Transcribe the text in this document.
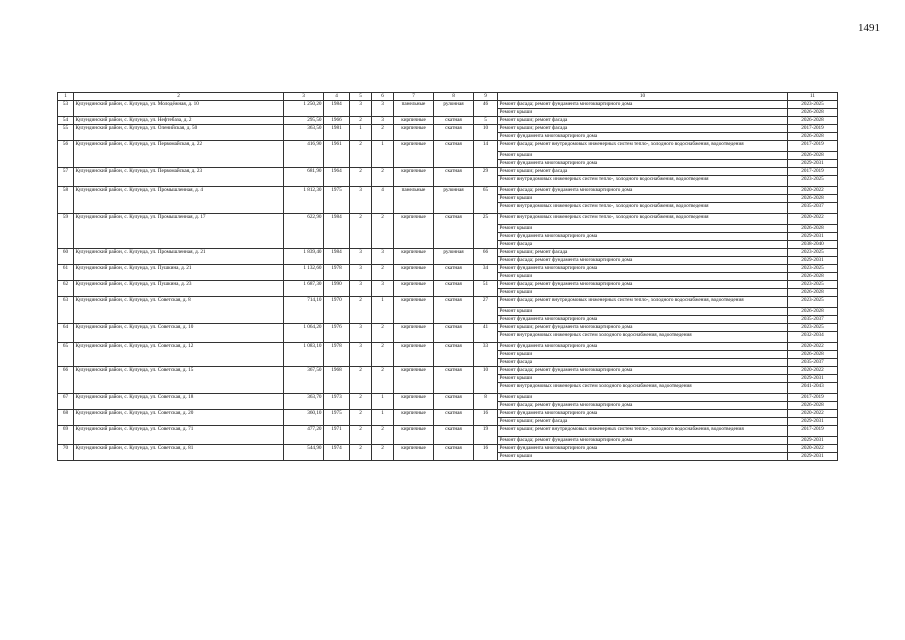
1491
1	2	3	4	5	6	7	8	9	10	11
53	Кулундинский район, с. Кулунда, ул. Молодёжная, д. 10	1 250,20	1984	3	3	панельные	рулонная	46	Ремонт фасада; ремонт фундамента многоквартирного дома	2023-2025
									Ремонт крыши	2026-2028
54	Кулундинский район, с. Кулунда, ул. Нефтебаза, д. 2	295,50	1966	2	3	кирпичные	скатная	5	Ремонт крыши; ремонт фасада	2026-2028
55	Кулундинский район, с. Кулунда, ул. Оленийская, д. 50	363,50	1981	1	2	кирпичные	скатная	10	Ремонт крыши; ремонт фасада	2017-2019
									Ремонт фундамента многоквартирного дома	2026-2028
56	Кулундинский район, с. Кулунда, ул. Первомайская, д. 22	416,90	1961	2	1	кирпичные	скатная	14	Ремонт фасада; ремонт внутридомовых инженерных систем тепло-, холодного водоснабжения, водоотведения	2017-2019
									Ремонт крыши	2026-2028
									Ремонт фундамента многоквартирного дома	2029-2031
57	Кулундинский район, с. Кулунда, ул. Первомайская, д. 23	681,90	1964	2	2	кирпичные	скатная	29	Ремонт крыши; ремонт фасада	2017-2019
									Ремонт внутридомовых инженерных систем тепло-, холодного водоснабжения, водоотведения	2023-2025
58	Кулундинский район, с. Кулунда, ул. Промышленная, д. 4	1 812,30	1975	3	4	панельные	рулонная	65	Ремонт фасада; ремонт фундамента многоквартирного дома	2020-2022
									Ремонт крыши	2026-2028
									Ремонт внутридомовых инженерных систем тепло-, холодного водоснабжения, водоотведения	2035-2037
59	Кулундинский район, с. Кулунда, ул. Промышленная, д. 17	622,90	1984	2	2	кирпичные	скатная	25	Ремонт внутридомовых инженерных систем тепло-, холодного водоснабжения, водоотведения	2020-2022
									Ремонт крыши	2026-2028
									Ремонт фундамента многоквартирного дома	2029-2031
									Ремонт фасада	2038-2040
60	Кулундинский район, с. Кулунда, ул. Промышленная, д. 21	1 839,40	1984	3	3	кирпичные	рулонная	66	Ремонт крыши; ремонт фасада	2023-2025
									Ремонт фасада; ремонт фундамента многоквартирного дома	2029-2031
61	Кулундинский район, с. Кулунда, ул. Пушкина, д. 21	1 132,60	1978	3	2	кирпичные	скатная	34	Ремонт фундамента многоквартирного дома	2023-2025
									Ремонт крыши	2026-2028
62	Кулундинский район, с. Кулунда, ул. Пушкина, д. 23	1 687,30	1990	3	3	кирпичные	скатная	51	Ремонт фасада; ремонт фундамента многоквартирного дома	2023-2025
									Ремонт крыши	2026-2028
63	Кулундинский район, с. Кулунда, ул. Советская, д. 8	714,10	1970	2	1	кирпичные	скатная	27	Ремонт фасада; ремонт внутридомовых инженерных систем тепло-, холодного водоснабжения, водоотведения	2023-2025
									Ремонт крыши	2026-2028
									Ремонт фундамента многоквартирного дома	2035-2037
64	Кулундинский район, с. Кулунда, ул. Советская, д. 10	1 064,20	1976	3	2	кирпичные	скатная	41	Ремонт крыши; ремонт фундамента многоквартирного дома	2023-2025
									Ремонт внутридомовых инженерных систем холодного водоснабжения, водоотведения	2032-2034
65	Кулундинский район, с. Кулунда, ул. Советская, д. 12	1 083,10	1978	3	2	кирпичные	скатная	33	Ремонт фундамента многоквартирного дома	2020-2022
									Ремонт крыши	2026-2028
									Ремонт фасада	2035-2037
66	Кулундинский район, с. Кулунда, ул. Советская, д. 15	367,50	1968	2	2	кирпичные	скатная	10	Ремонт фасада; ремонт фундамента многоквартирного дома	2020-2022
									Ремонт крыши	2029-2031
									Ремонт внутридомовых инженерных систем холодного водоснабжения, водоотведения	2041-2043
67	Кулундинский район, с. Кулунда, ул. Советская, д. 18	363,70	1973	2	1	кирпичные	скатная	8	Ремонт крыши	2017-2019
									Ремонт фасада; ремонт фундамента многоквартирного дома	2026-2028
68	Кулундинский район, с. Кулунда, ул. Советская, д. 20	360,10	1975	2	1	кирпичные	скатная	16	Ремонт фундамента многоквартирного дома	2020-2022
									Ремонт крыши; ремонт фасада	2029-2031
69	Кулундинский район, с. Кулунда, ул. Советская, д. 71	477,20	1971	2	2	кирпичные	скатная	19	Ремонт крыши; ремонт внутридомовых инженерных систем тепло-, холодного водоснабжения, водоотведения	2017-2019
									Ремонт фасада; ремонт фундамента многоквартирного дома	2029-2031
70	Кулундинский район, с. Кулунда, ул. Советская, д. 81	544,90	1974	2	2	кирпичные	скатная	16	Ремонт фундамента многоквартирного дома	2020-2022
									Ремонт крыши	2029-2031
